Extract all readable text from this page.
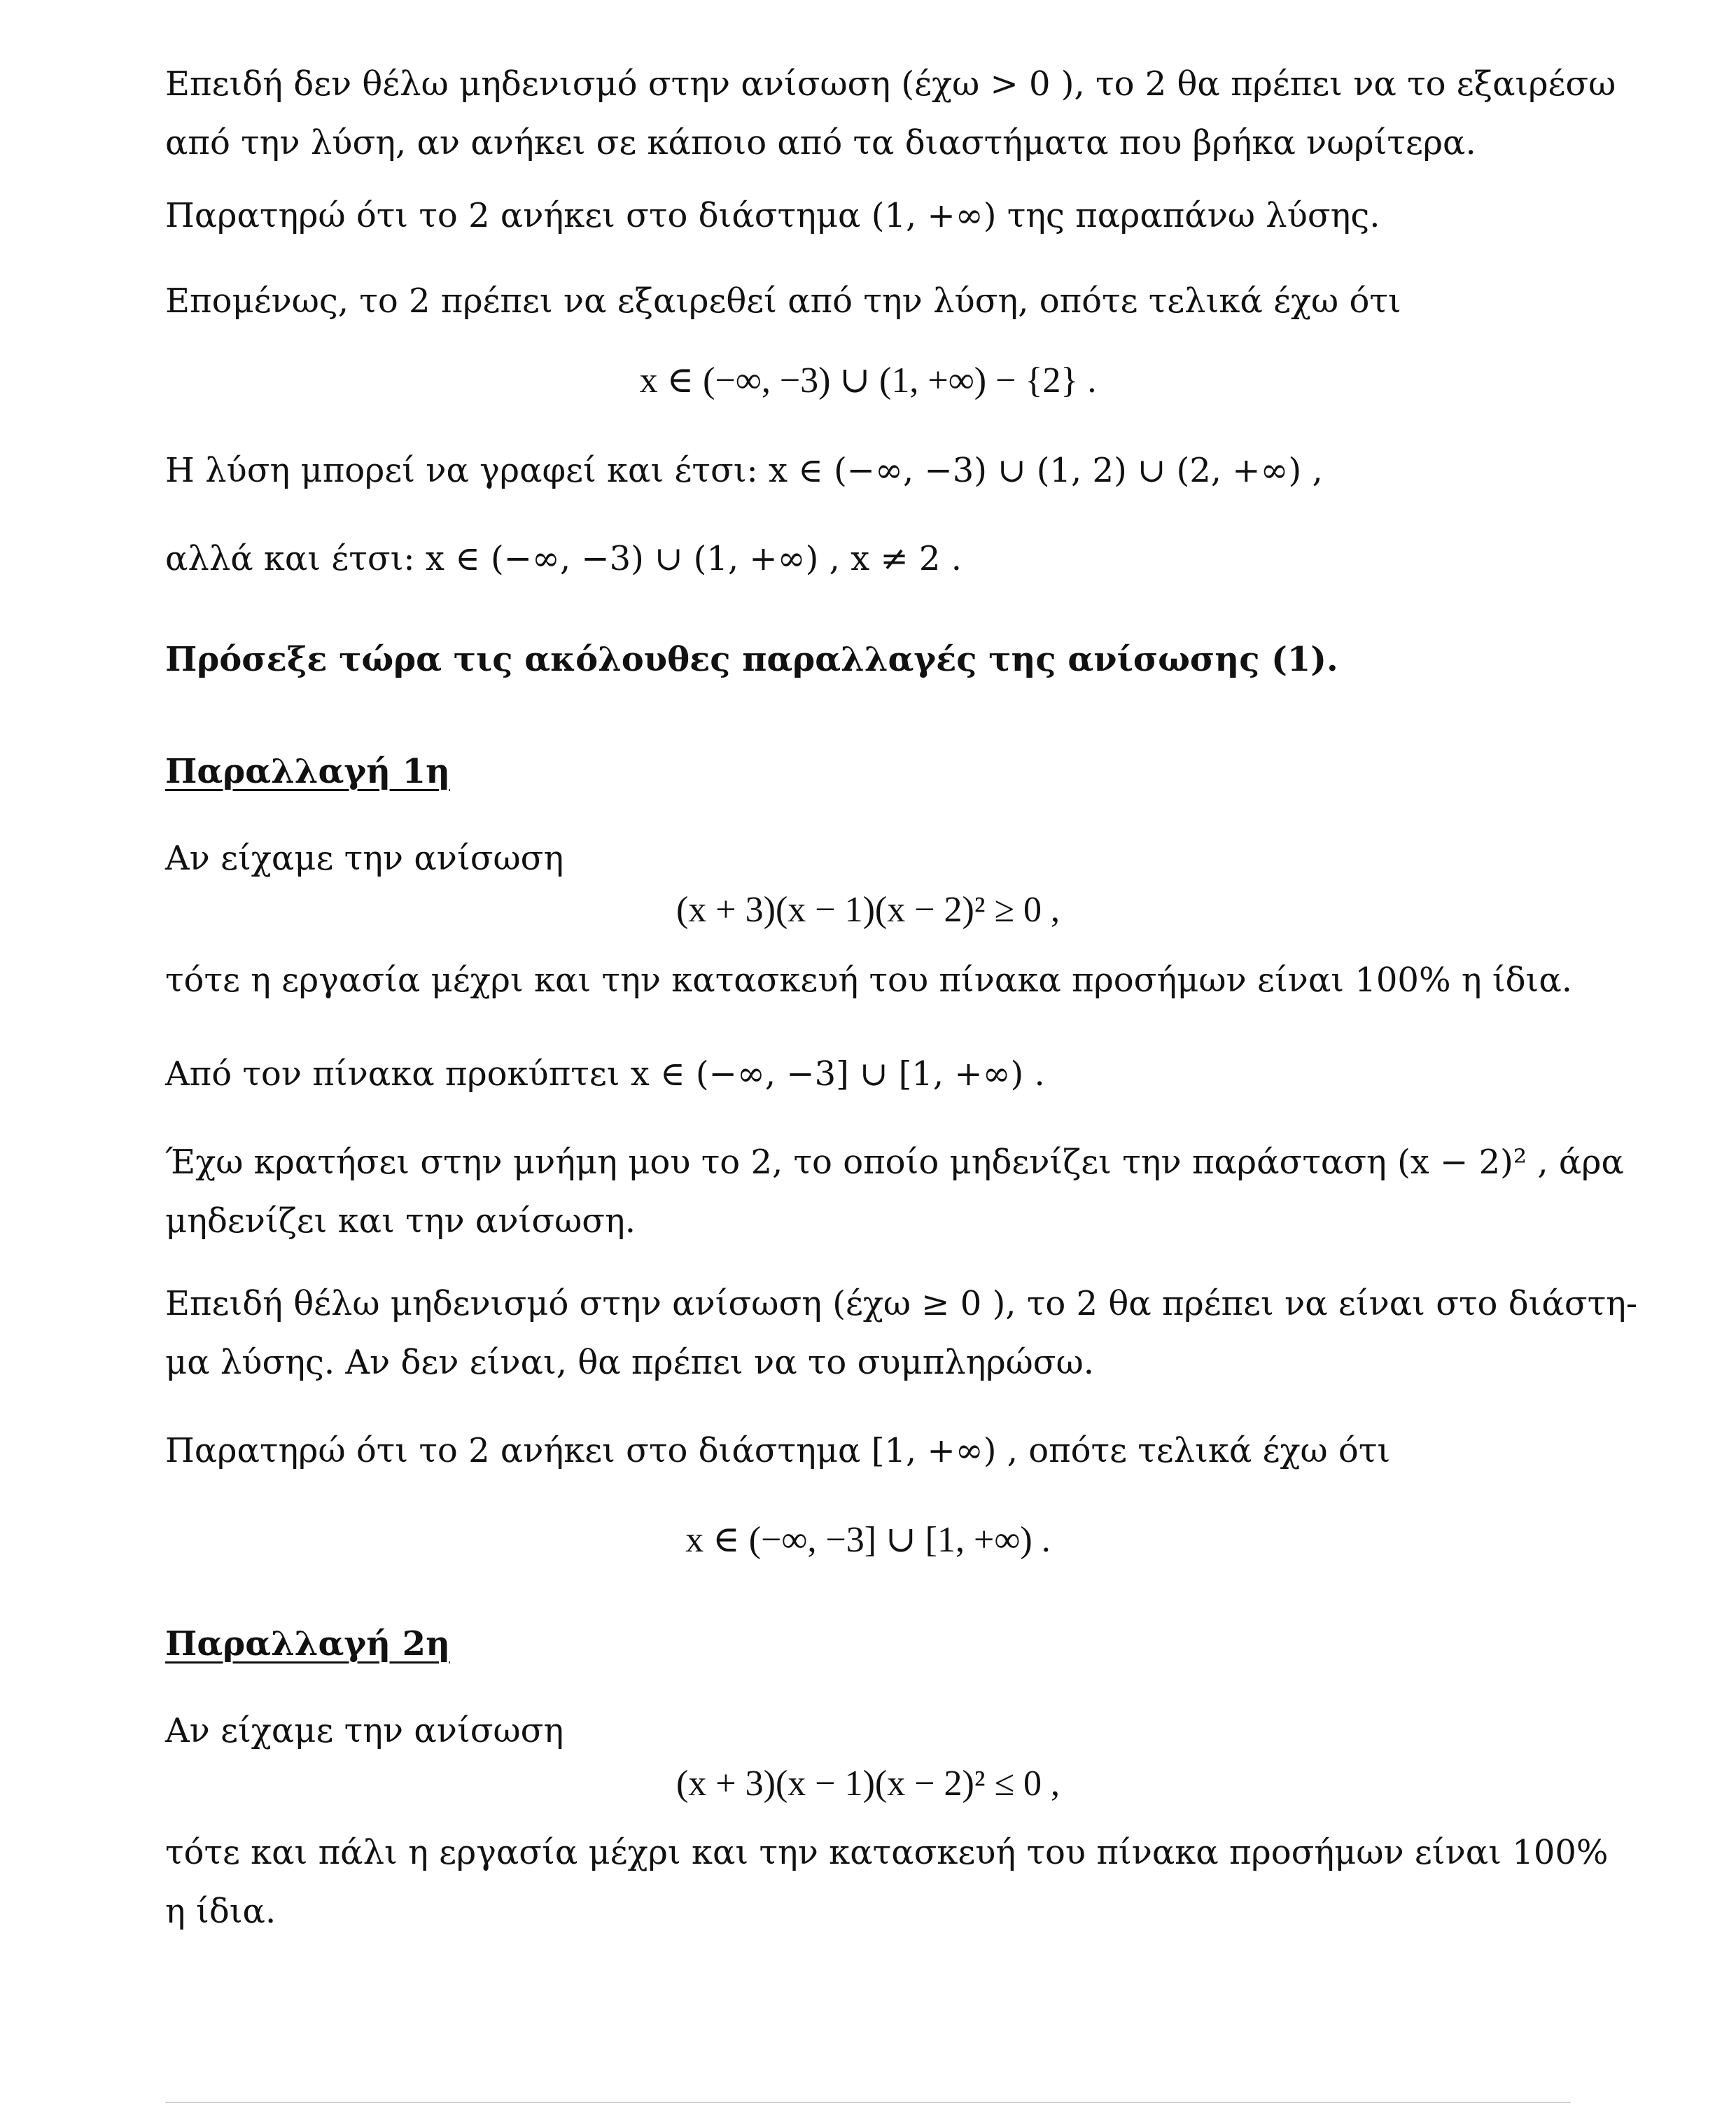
Επειδή δεν θέλω μηδενισμό στην ανίσωση (έχω > 0 ), το 2 θα πρέπει να το εξαιρέσω

από την λύση, αν ανήκει σε κάποιο από τα διαστήματα που βρήκα νωρίτερα.

Παρατηρώ ότι το 2 ανήκει στο διάστημα (1, +∞) της παραπάνω λύσης.

Επομένως, το 2 πρέπει να εξαιρεθεί από την λύση, οπότε τελικά έχω ότι

x ∈ (−∞, −3) ∪ (1, +∞) − {2} .

Η λύση μπορεί να γραφεί και έτσι: x ∈ (−∞, −3) ∪ (1, 2) ∪ (2, +∞) ,

αλλά και έτσι: x ∈ (−∞, −3) ∪ (1, +∞) , x ≠ 2 .

Πρόσεξε τώρα τις ακόλουθες παραλλαγές της ανίσωσης (1).

Παραλλαγή 1η

Αν είχαμε την ανίσωση

(x + 3)(x − 1)(x − 2)² ≥ 0 ,

τότε η εργασία μέχρι και την κατασκευή του πίνακα προσήμων είναι 100% η ίδια.

Από τον πίνακα προκύπτει x ∈ (−∞, −3] ∪ [1, +∞) .

Έχω κρατήσει στην μνήμη μου το 2, το οποίο μηδενίζει την παράσταση (x − 2)² , άρα

μηδενίζει και την ανίσωση.

Επειδή θέλω μηδενισμό στην ανίσωση (έχω ≥ 0 ), το 2 θα πρέπει να είναι στο διάστη-

μα λύσης. Αν δεν είναι, θα πρέπει να το συμπληρώσω.

Παρατηρώ ότι το 2 ανήκει στο διάστημα [1, +∞) , οπότε τελικά έχω ότι

x ∈ (−∞, −3] ∪ [1, +∞) .

Παραλλαγή 2η

Αν είχαμε την ανίσωση

(x + 3)(x − 1)(x − 2)² ≤ 0 ,

τότε και πάλι η εργασία μέχρι και την κατασκευή του πίνακα προσήμων είναι 100%

η ίδια.
